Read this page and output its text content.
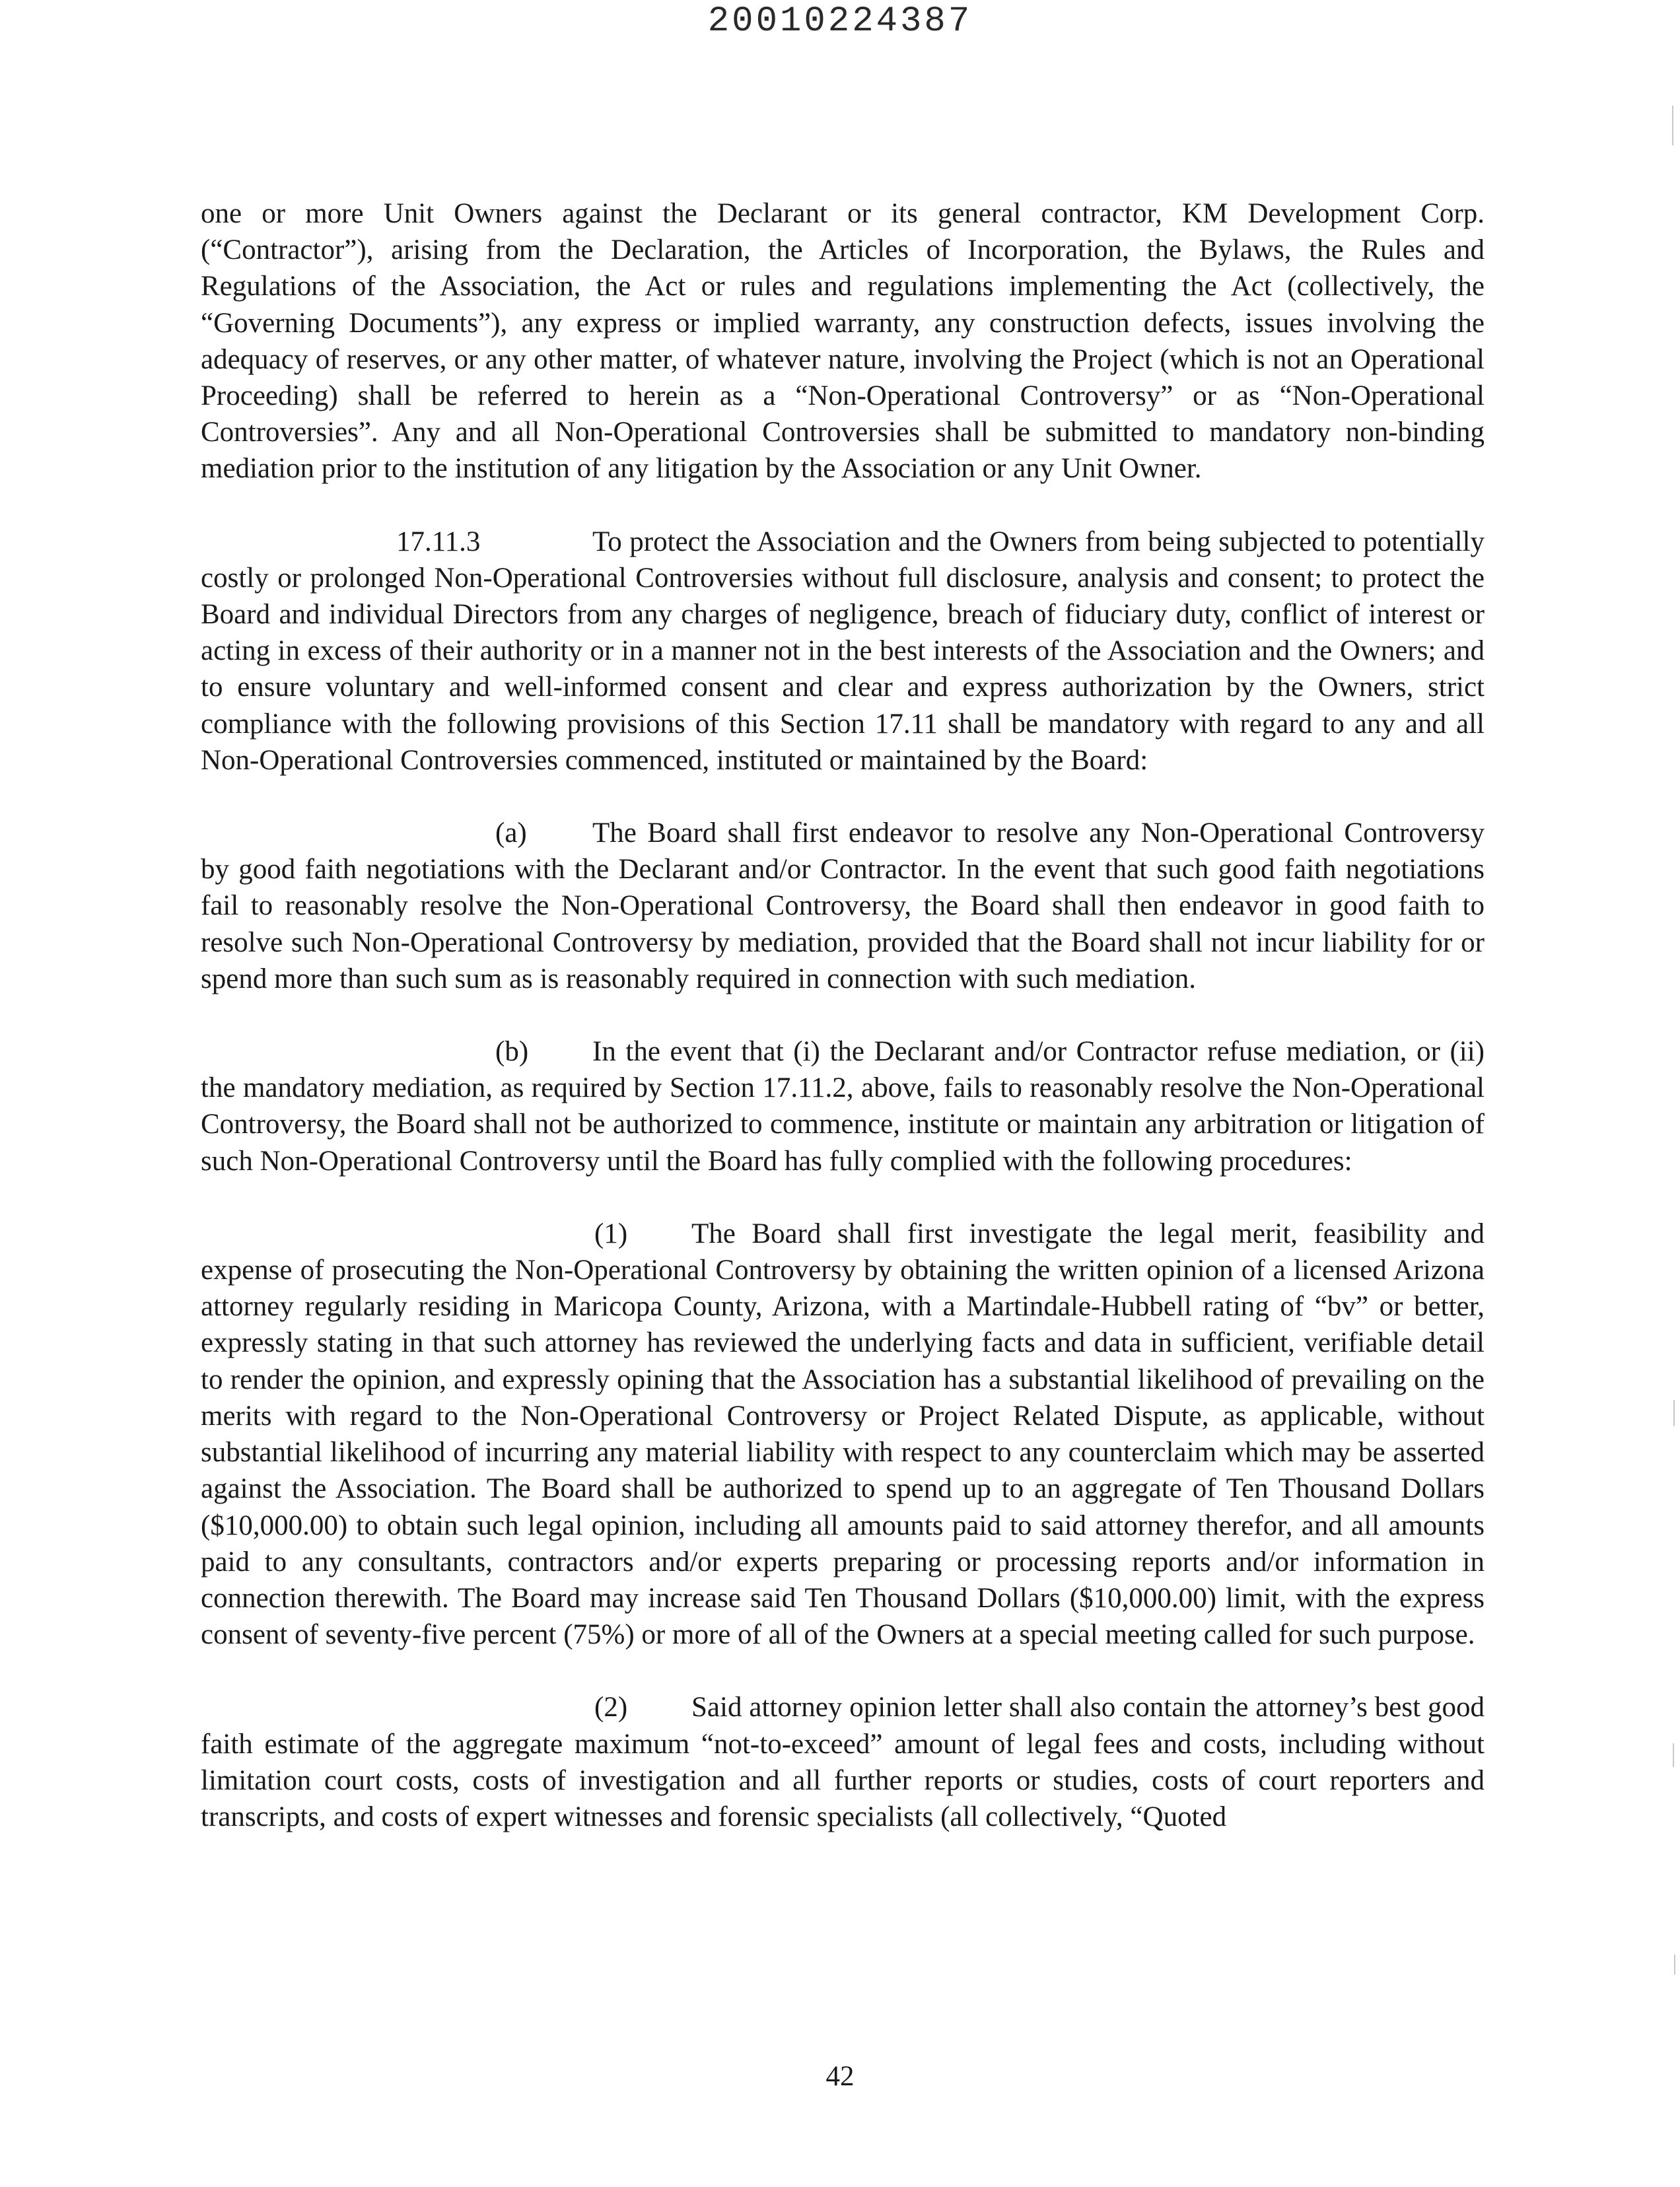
20010224387

one or more Unit Owners against the Declarant or its general contractor, KM Development Corp. (“Contractor”), arising from the Declaration, the Articles of Incorporation, the Bylaws, the Rules and Regulations of the Association, the Act or rules and regulations implementing the Act (collectively, the “Governing Documents”), any express or implied warranty, any construction defects, issues involving the adequacy of reserves, or any other matter, of whatever nature, involving the Project (which is not an Operational Proceeding) shall be referred to herein as a “Non-Operational Controversy” or as “Non-Operational Controversies”. Any and all Non-Operational Controversies shall be submitted to mandatory non-binding mediation prior to the institution of any litigation by the Association or any Unit Owner.

17.11.3	To protect the Association and the Owners from being subjected to potentially costly or prolonged Non-Operational Controversies without full disclosure, analysis and consent; to protect the Board and individual Directors from any charges of negligence, breach of fiduciary duty, conflict of interest or acting in excess of their authority or in a manner not in the best interests of the Association and the Owners; and to ensure voluntary and well-informed consent and clear and express authorization by the Owners, strict compliance with the following provisions of this Section 17.11 shall be mandatory with regard to any and all Non-Operational Controversies commenced, instituted or maintained by the Board:

(a) The Board shall first endeavor to resolve any Non-Operational Controversy by good faith negotiations with the Declarant and/or Contractor. In the event that such good faith negotiations fail to reasonably resolve the Non-Operational Controversy, the Board shall then endeavor in good faith to resolve such Non-Operational Controversy by mediation, provided that the Board shall not incur liability for or spend more than such sum as is reasonably required in connection with such mediation.

(b) In the event that (i) the Declarant and/or Contractor refuse mediation, or (ii) the mandatory mediation, as required by Section 17.11.2, above, fails to reasonably resolve the Non-Operational Controversy, the Board shall not be authorized to commence, institute or maintain any arbitration or litigation of such Non-Operational Controversy until the Board has fully complied with the following procedures:

(1) The Board shall first investigate the legal merit, feasibility and expense of prosecuting the Non-Operational Controversy by obtaining the written opinion of a licensed Arizona attorney regularly residing in Maricopa County, Arizona, with a Martindale-Hubbell rating of “bv” or better, expressly stating in that such attorney has reviewed the underlying facts and data in sufficient, verifiable detail to render the opinion, and expressly opining that the Association has a substantial likelihood of prevailing on the merits with regard to the Non-Operational Controversy or Project Related Dispute, as applicable, without substantial likelihood of incurring any material liability with respect to any counterclaim which may be asserted against the Association. The Board shall be authorized to spend up to an aggregate of Ten Thousand Dollars ($10,000.00) to obtain such legal opinion, including all amounts paid to said attorney therefor, and all amounts paid to any consultants, contractors and/or experts preparing or processing reports and/or information in connection therewith. The Board may increase said Ten Thousand Dollars ($10,000.00) limit, with the express consent of seventy-five percent (75%) or more of all of the Owners at a special meeting called for such purpose.

(2) Said attorney opinion letter shall also contain the attorney’s best good faith estimate of the aggregate maximum “not-to-exceed” amount of legal fees and costs, including without limitation court costs, costs of investigation and all further reports or studies, costs of court reporters and transcripts, and costs of expert witnesses and forensic specialists (all collectively, “Quoted

42
